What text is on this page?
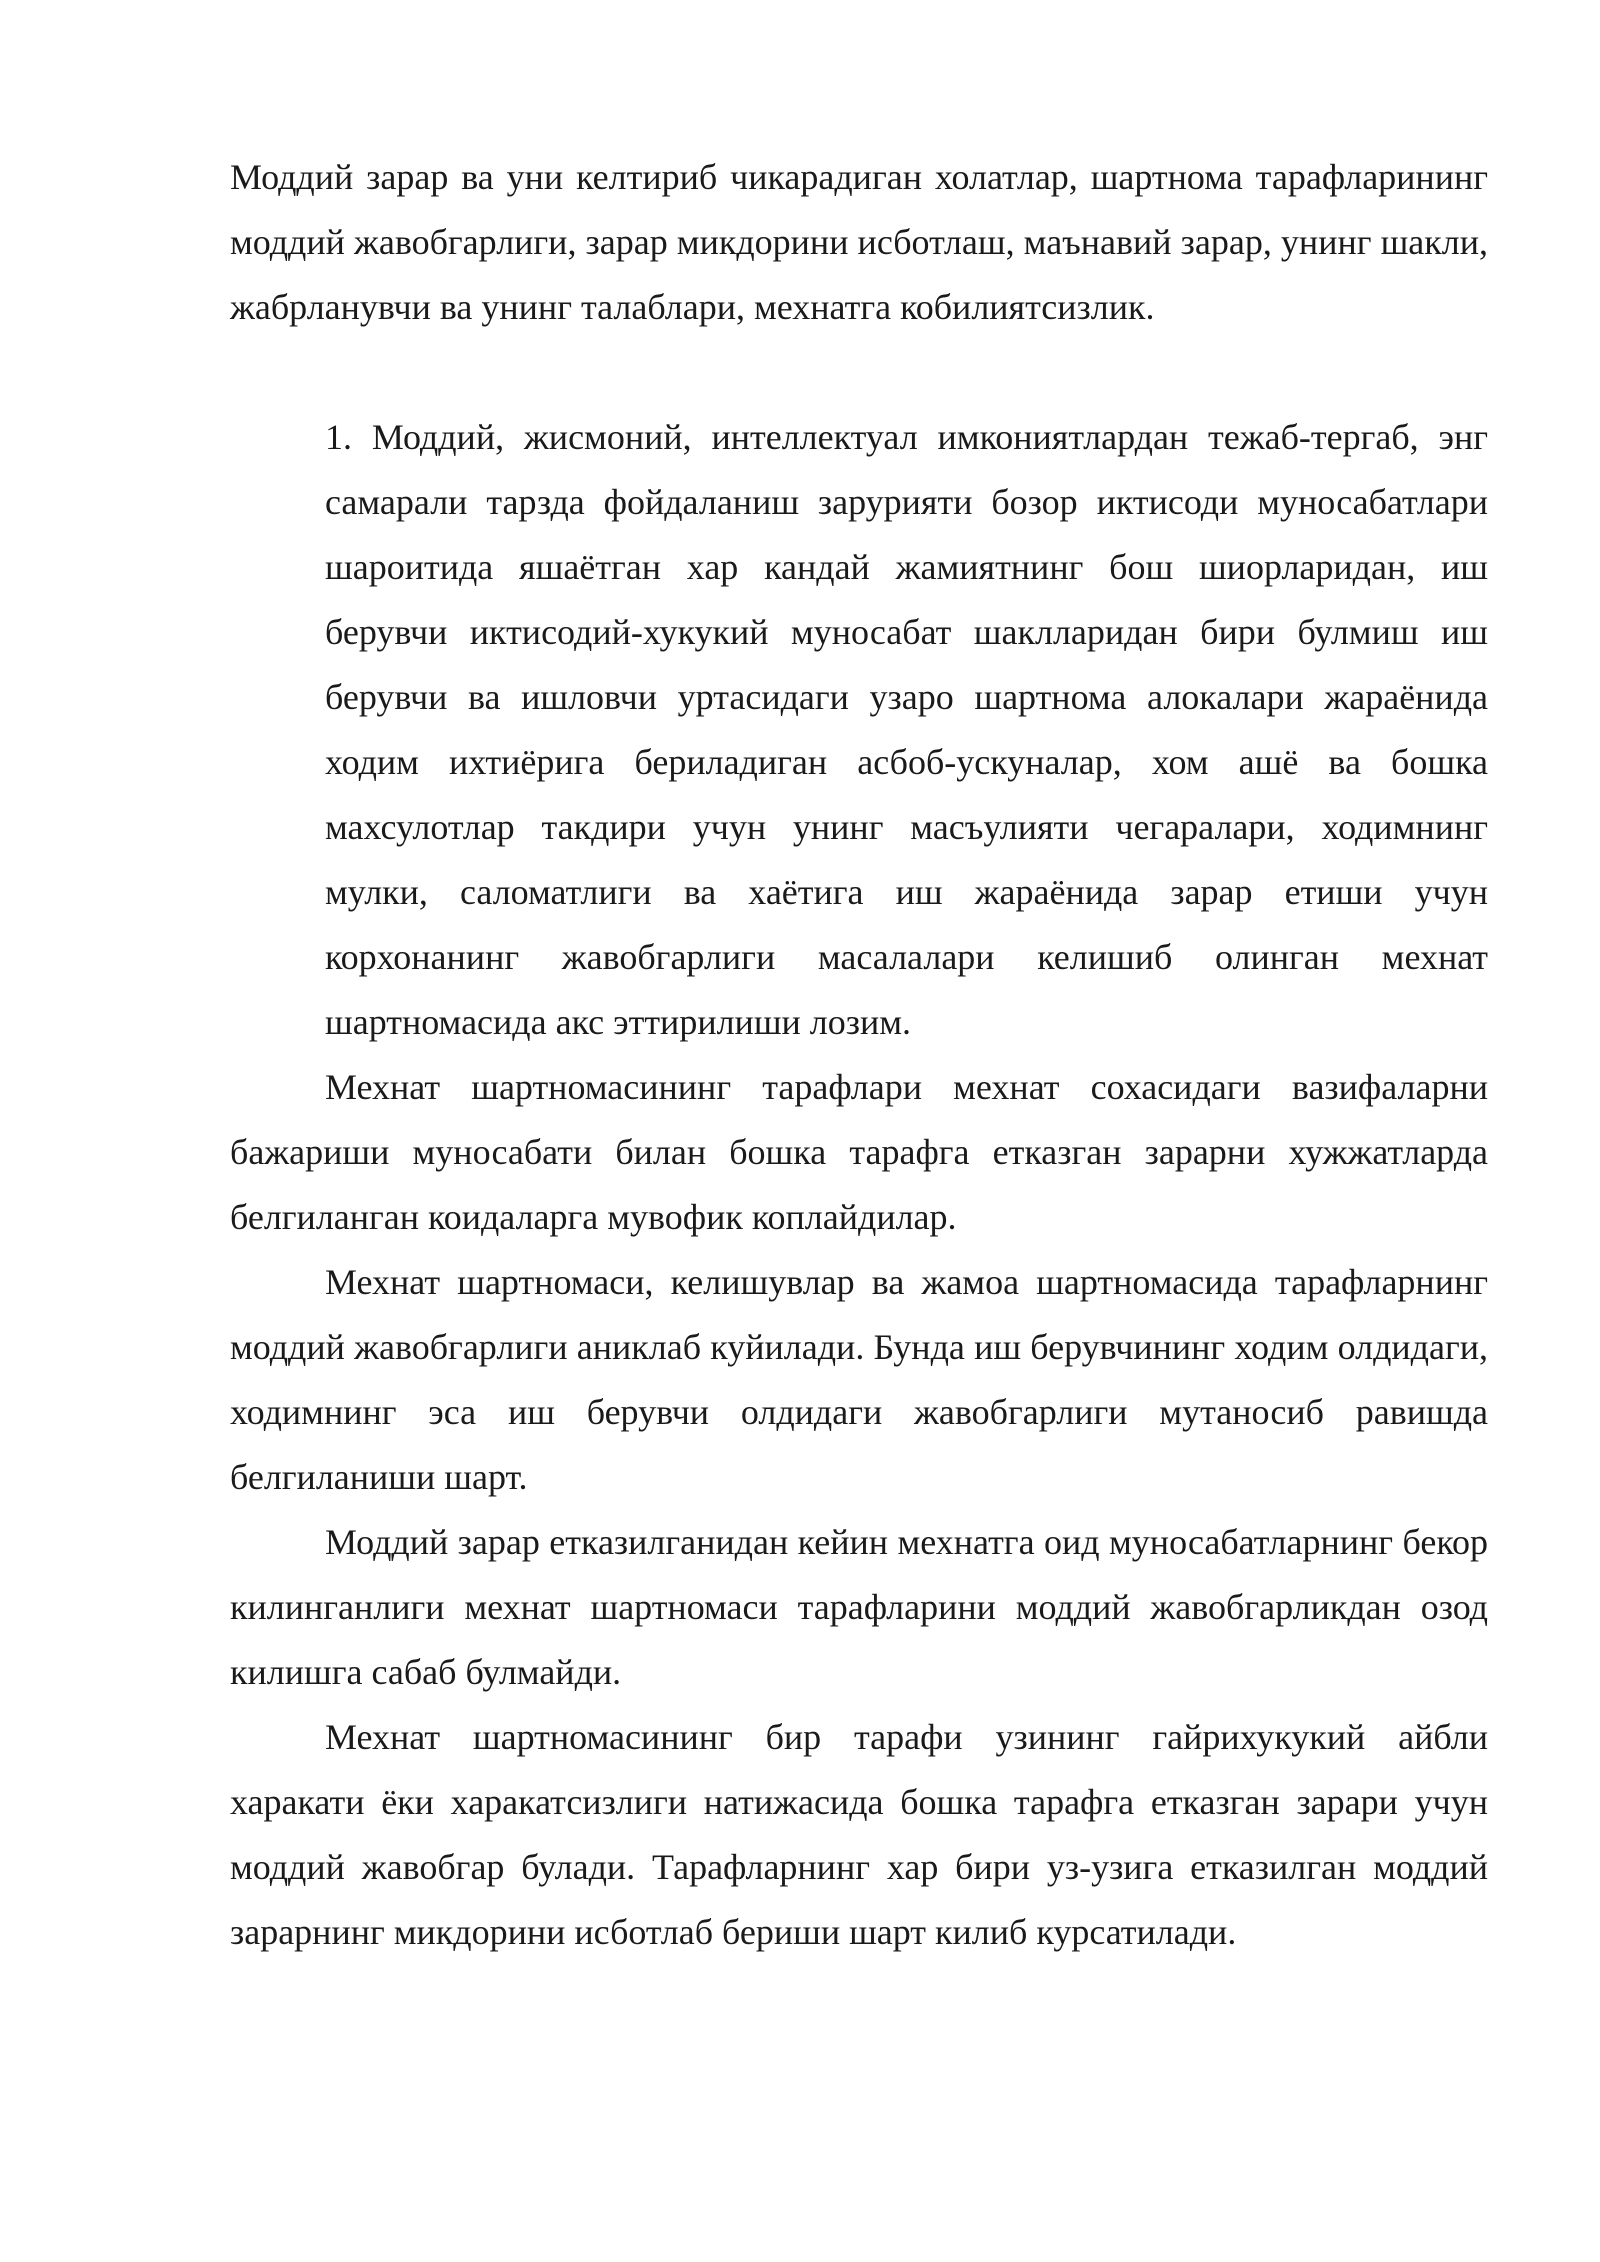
Моддий зарар ва уни келтириб чикарадиган холатлар, шартнома тарафларининг моддий жавобгарлиги, зарар микдорини исботлаш, маънавий зарар, унинг шакли, жабрланувчи ва унинг талаблари, мехнатга кобилиятсизлик.

1. Моддий, жисмоний, интеллектуал имкониятлардан тежаб-тергаб, энг самарали тарзда фойдаланиш зарурияти бозор иктисоди муносабатлари шароитида яшаётган хар кандай жамиятнинг бош шиорларидан, иш берувчи иктисодий-хукукий муносабат шаклларидан бири булмиш иш берувчи ва ишловчи уртасидаги узаро шартнома алокалари жараёнида ходим ихтиёрига бериладиган асбоб-ускуналар, хом ашё ва бошка махсулотлар такдири учун унинг масъулияти чегаралари, ходимнинг мулки, саломатлиги ва хаётига иш жараёнида зарар етиши учун корхонанинг жавобгарлиги масалалари келишиб олинган мехнат шартномасида акс эттирилиши лозим.

Мехнат шартномасининг тарафлари мехнат сохасидаги вазифаларни бажариши муносабати билан бошка тарафга етказган зарарни хужжатларда белгиланган коидаларга мувофик коплайдилар.

Мехнат шартномаси, келишувлар ва жамоа шартномасида тарафларнинг моддий жавобгарлиги аниклаб куйилади. Бунда иш берувчининг ходим олдидаги, ходимнинг эса иш берувчи олдидаги жавобгарлиги мутаносиб равишда белгиланиши шарт.

Моддий зарар етказилганидан кейин мехнатга оид муносабатларнинг бекор килинганлиги мехнат шартномаси тарафларини моддий жавобгарликдан озод килишга сабаб булмайди.

Мехнат шартномасининг бир тарафи узининг гайрихукукий айбли харакати ёки харакатсизлиги натижасида бошка тарафга етказган зарари учун моддий жавобгар булади. Тарафларнинг хар бири уз-узига етказилган моддий зарарнинг микдорини исботлаб бериши шарт килиб курсатилади.
